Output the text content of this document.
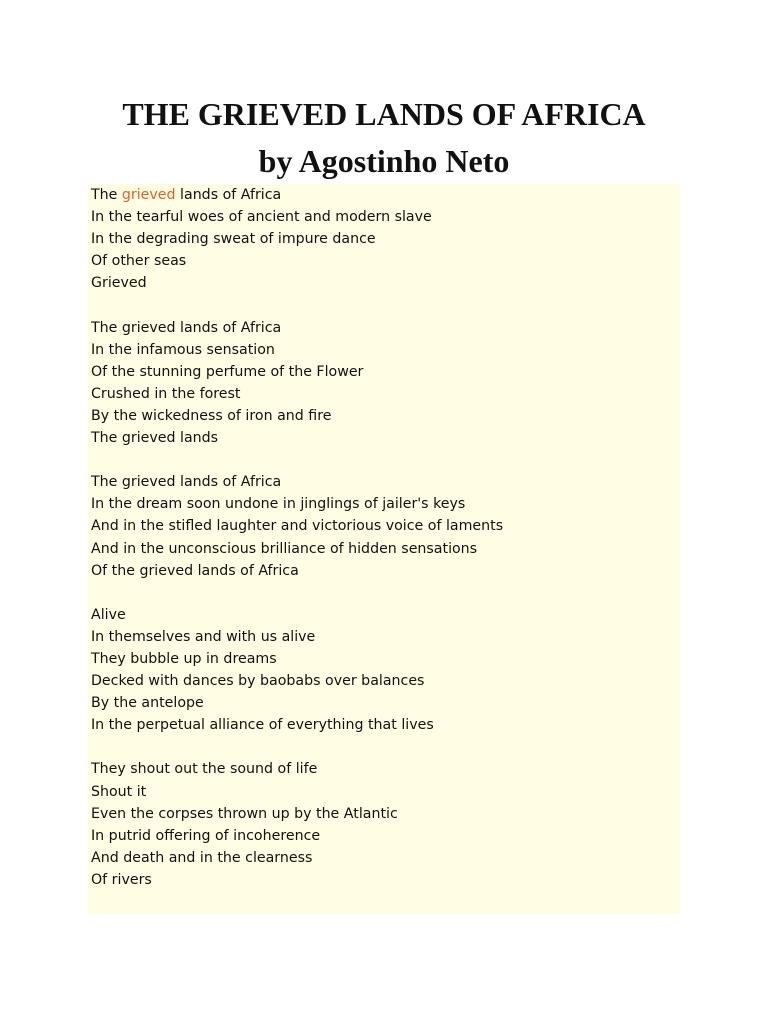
THE GRIEVED LANDS OF AFRICA
by Agostinho Neto
The grieved lands of Africa
In the tearful woes of ancient and modern slave
In the degrading sweat of impure dance
Of other seas
Grieved
The grieved lands of Africa
In the infamous sensation
Of the stunning perfume of the Flower
Crushed in the forest
By the wickedness of iron and fire
The grieved lands
The grieved lands of Africa
In the dream soon undone in jinglings of jailer's keys
And in the stifled laughter and victorious voice of laments
And in the unconscious brilliance of hidden sensations
Of the grieved lands of Africa
Alive
In themselves and with us alive
They bubble up in dreams
Decked with dances by baobabs over balances
By the antelope
In the perpetual alliance of everything that lives
They shout out the sound of life
Shout it
Even the corpses thrown up by the Atlantic
In putrid offering of incoherence
And death and in the clearness
Of rivers
